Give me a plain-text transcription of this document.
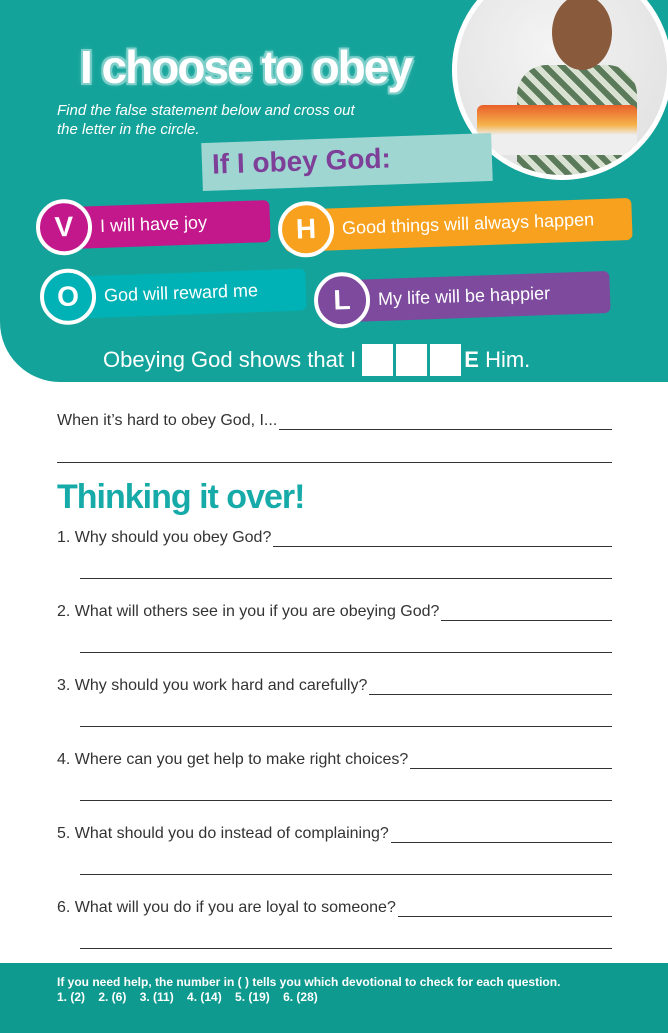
I choose to obey
Find the false statement below and cross out the letter in the circle.
If I obey God:
V	I will have joy	H	Good things will always happen
O	God will reward me	L	My life will be happier
Obeying God shows that I
	E
Him.
When it’s hard to obey God, I...
Thinking it over!
1. Why should you obey God?
2. What will others see in you if you are obeying God?
3. Why should you work hard and carefully?
4. Where can you get help to make right choices?
5. What should you do instead of complaining?
6. What will you do if you are loyal to someone?
If you need help, the number in ( ) tells you which devotional to check for each question.
1. (2)    2. (6)    3. (11)    4. (14)    5. (19)    6. (28)
